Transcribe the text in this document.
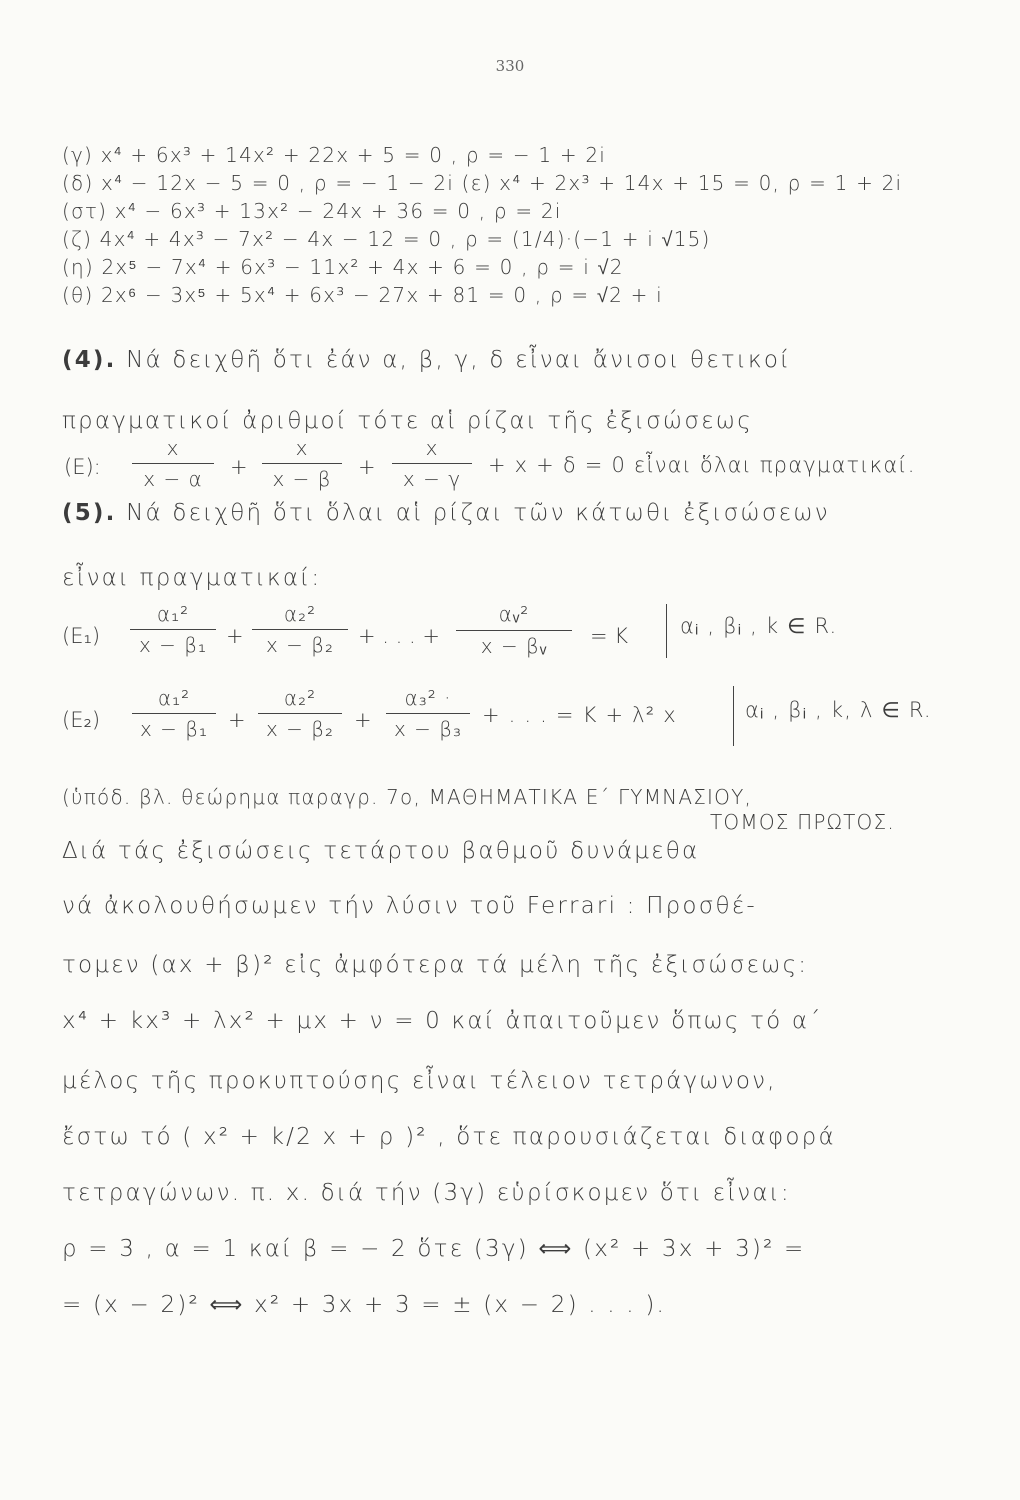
330
(γ) x⁴ + 6x³ + 14x² + 22x + 5 = 0 , ρ = − 1 + 2i
(δ) x⁴ − 12x − 5 = 0 , ρ = − 1 − 2i (ε) x⁴ + 2x³ + 14x + 15 = 0, ρ = 1 + 2i
(στ) x⁴ − 6x³ + 13x² − 24x + 36 = 0 , ρ = 2i
(ζ) 4x⁴ + 4x³ − 7x² − 4x − 12 = 0 , ρ = (1/4)·(−1 + i √15)
(η) 2x⁵ − 7x⁴ + 6x³ − 11x² + 4x + 6 = 0 , ρ = i √2
(θ) 2x⁶ − 3x⁵ + 5x⁴ + 6x³ − 27x + 81 = 0 , ρ = √2 + i
(4). Νά δειχθῆ ὅτι ἐάν α, β, γ, δ εἶναι ἄνισοι θετικοί
πραγματικοί ἀριθμοί τότε αἱ ρίζαι τῆς ἐξισώσεως
(Ε):
x
x − α	+
x
x − β	+
x
x − γ
+ x + δ = 0 εἶναι ὅλαι πραγματικαί.
(5). Νά δειχθῆ ὅτι ὅλαι αἱ ρίζαι τῶν κάτωθι ἐξισώσεων
εἶναι πραγματικαί:
(Ε₁)
α₁²
x − β₁ +
α₂²
x − β₂	+ . . . +
αᵥ²
x − βᵥ	= K αᵢ , βᵢ , k ∈ R.
(Ε₂)
α₁²
x − β₁ +
α₂²
x − β₂ +
α₃² ·
x − β₃
+ . . . = K + λ² x	αᵢ , βᵢ , k, λ ∈ R.
(ὑπόδ. βλ. θεώρημα παραγρ. 7ο, ΜΑΘΗΜΑΤΙΚΑ Ε΄ ΓΥΜΝΑΣΙΟΥ,
ΤΟΜΟΣ ΠΡΩΤΟΣ.
Διά τάς ἐξισώσεις τετάρτου βαθμοῦ δυνάμεθα
νά ἀκολουθήσωμεν τήν λύσιν τοῦ Ferrari : Προσθέ-
τομεν (αx + β)² εἰς ἀμφότερα τά μέλη τῆς ἐξισώσεως:
x⁴ + kx³ + λx² + μx + ν = 0 καί ἀπαιτοῦμεν ὅπως τό α΄
μέλος τῆς προκυπτούσης εἶναι τέλειον τετράγωνον,
ἔστω τό ( x² + k/2 x + ρ )² , ὅτε παρουσιάζεται διαφορά
τετραγώνων. π. x. διά τήν (3γ) εὑρίσκομεν ὅτι εἶναι:
ρ = 3 , α = 1 καί β = − 2 ὅτε (3γ) ⟺ (x² + 3x + 3)² =
= (x − 2)² ⟺ x² + 3x + 3 = ± (x − 2) . . . ).
